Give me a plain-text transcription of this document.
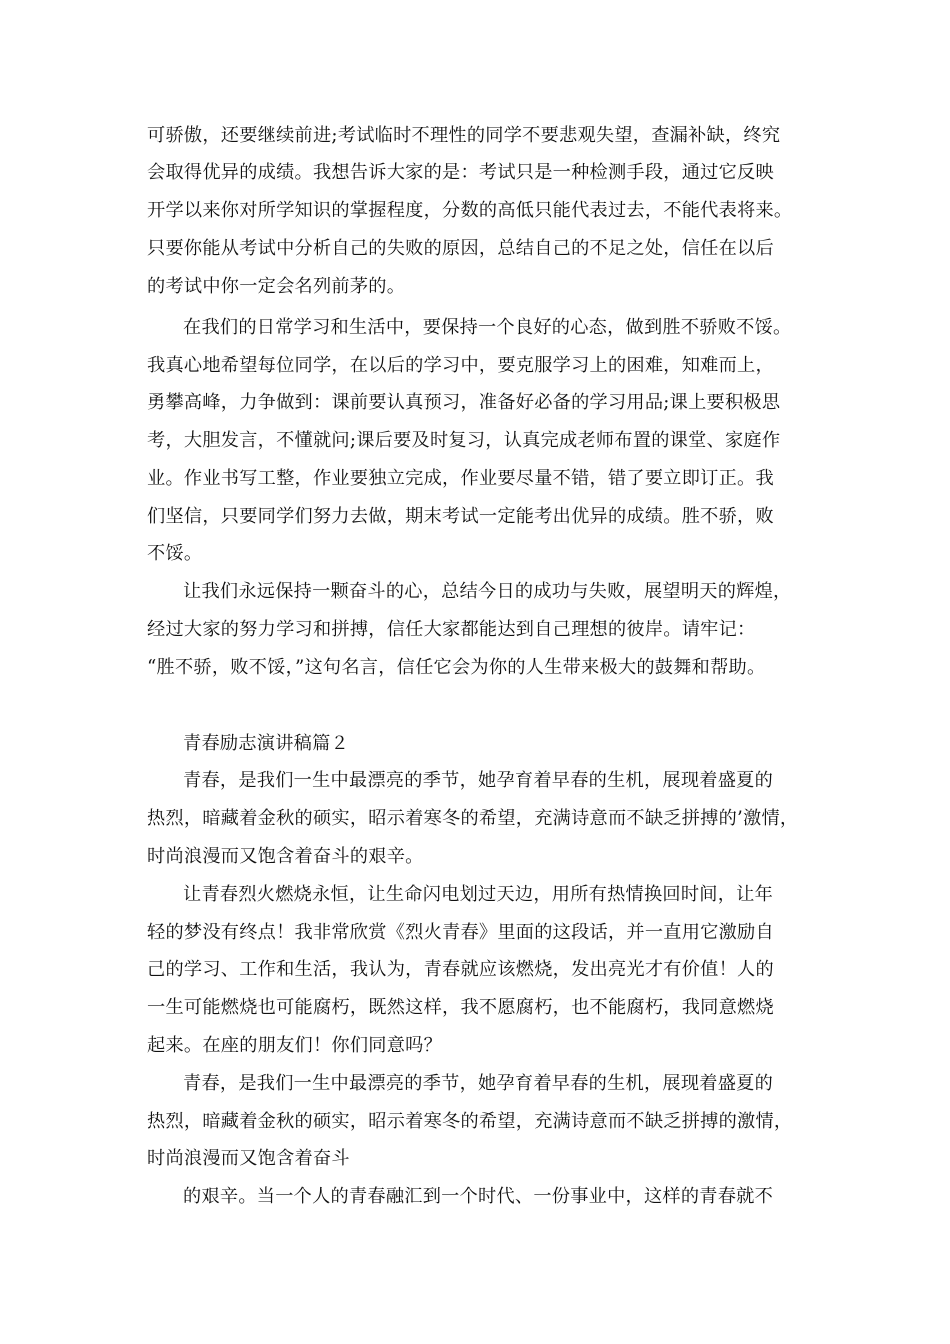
可骄傲，还要继续前进;考试临时不理性的同学不要悲观失望，查漏补缺，终究
会取得优异的成绩。我想告诉大家的是：考试只是一种检测手段，通过它反映
开学以来你对所学知识的掌握程度，分数的高低只能代表过去，不能代表将来。
只要你能从考试中分析自己的失败的原因，总结自己的不足之处，信任在以后
的考试中你一定会名列前茅的。
在我们的日常学习和生活中，要保持一个良好的心态，做到胜不骄败不馁。
我真心地希望每位同学，在以后的学习中，要克服学习上的困难，知难而上，
勇攀高峰，力争做到：课前要认真预习，准备好必备的学习用品;课上要积极思
考，大胆发言，不懂就问;课后要及时复习，认真完成老师布置的课堂、家庭作
业。作业书写工整，作业要独立完成，作业要尽量不错，错了要立即订正。我
们坚信，只要同学们努力去做，期末考试一定能考出优异的成绩。胜不骄，败
不馁。
让我们永远保持一颗奋斗的心，总结今日的成功与失败，展望明天的辉煌，
经过大家的努力学习和拼搏，信任大家都能达到自己理想的彼岸。请牢记：
“胜不骄，败不馁，”这句名言，信任它会为你的人生带来极大的鼓舞和帮助。
青春励志演讲稿篇２
青春，是我们一生中最漂亮的季节，她孕育着早春的生机，展现着盛夏的
热烈，暗藏着金秋的硕实，昭示着寒冬的希望，充满诗意而不缺乏拼搏的’激情，
时尚浪漫而又饱含着奋斗的艰辛。
让青春烈火燃烧永恒，让生命闪电划过天边，用所有热情换回时间，让年
轻的梦没有终点！我非常欣赏《烈火青春》里面的这段话，并一直用它激励自
己的学习、工作和生活，我认为，青春就应该燃烧，发出亮光才有价值！人的
一生可能燃烧也可能腐朽，既然这样，我不愿腐朽，也不能腐朽，我同意燃烧
起来。在座的朋友们！你们同意吗？
青春，是我们一生中最漂亮的季节，她孕育着早春的生机，展现着盛夏的
热烈，暗藏着金秋的硕实，昭示着寒冬的希望，充满诗意而不缺乏拼搏的激情，
时尚浪漫而又饱含着奋斗
的艰辛。当一个人的青春融汇到一个时代、一份事业中，这样的青春就不
